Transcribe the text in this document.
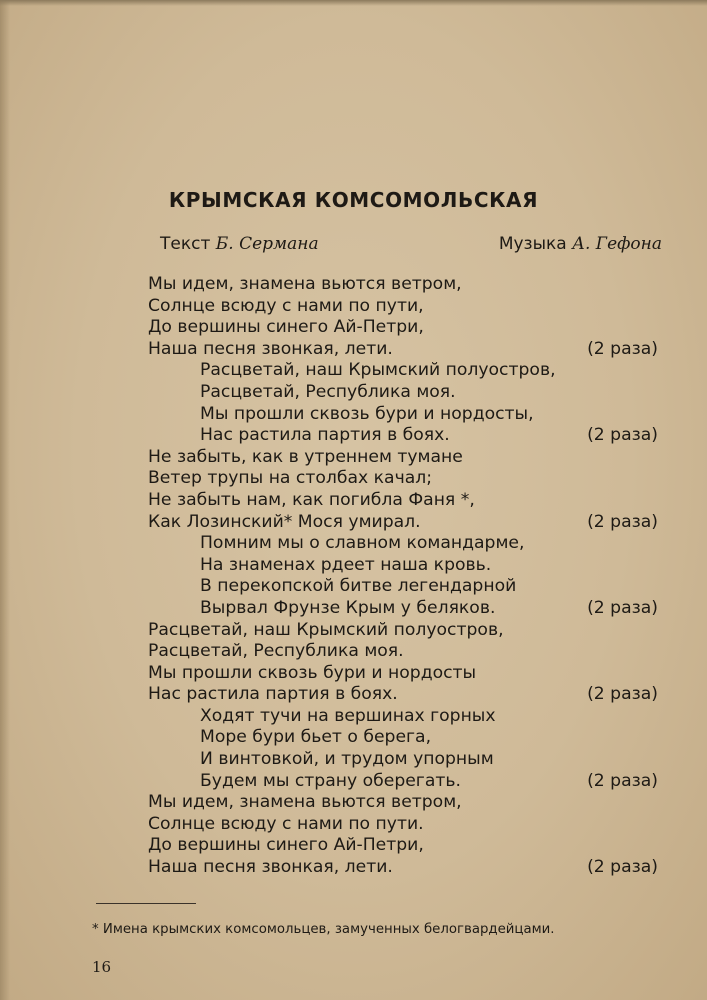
КРЫМСКАЯ КОМСОМОЛЬСКАЯ
Текст Б. Сермана	Музыка А. Гефона
Мы идем, знамена вьются ветром,
Солнце всюду с нами по пути,
До вершины синего Ай-Петри,
Наша песня звонкая, лети.	(2 раза)
Расцветай, наш Крымский полуостров,
Расцветай, Республика моя.
Мы прошли сквозь бури и нордосты,
Нас растила партия в боях.	(2 раза)
Не забыть, как в утреннем тумане
Ветер трупы на столбах качал;
Не забыть нам, как погибла Фаня *,
Как Лозинский* Мося умирал.	(2 раза)
Помним мы о славном командарме,
На знаменах рдеет наша кровь.
В перекопской битве легендарной
Вырвал Фрунзе Крым у беляков.	(2 раза)
Расцветай, наш Крымский полуостров,
Расцветай, Республика моя.
Мы прошли сквозь бури и нордосты
Нас растила партия в боях.	(2 раза)
Ходят тучи на вершинах горных
Море бури бьет о берега,
И винтовкой, и трудом упорным
Будем мы страну оберегать.	(2 раза)
Мы идем, знамена вьются ветром,
Солнце всюду с нами по пути.
До вершины синего Ай-Петри,
Наша песня звонкая, лети.	(2 раза)
* Имена крымских комсомольцев, замученных белогвардейцами.
16
